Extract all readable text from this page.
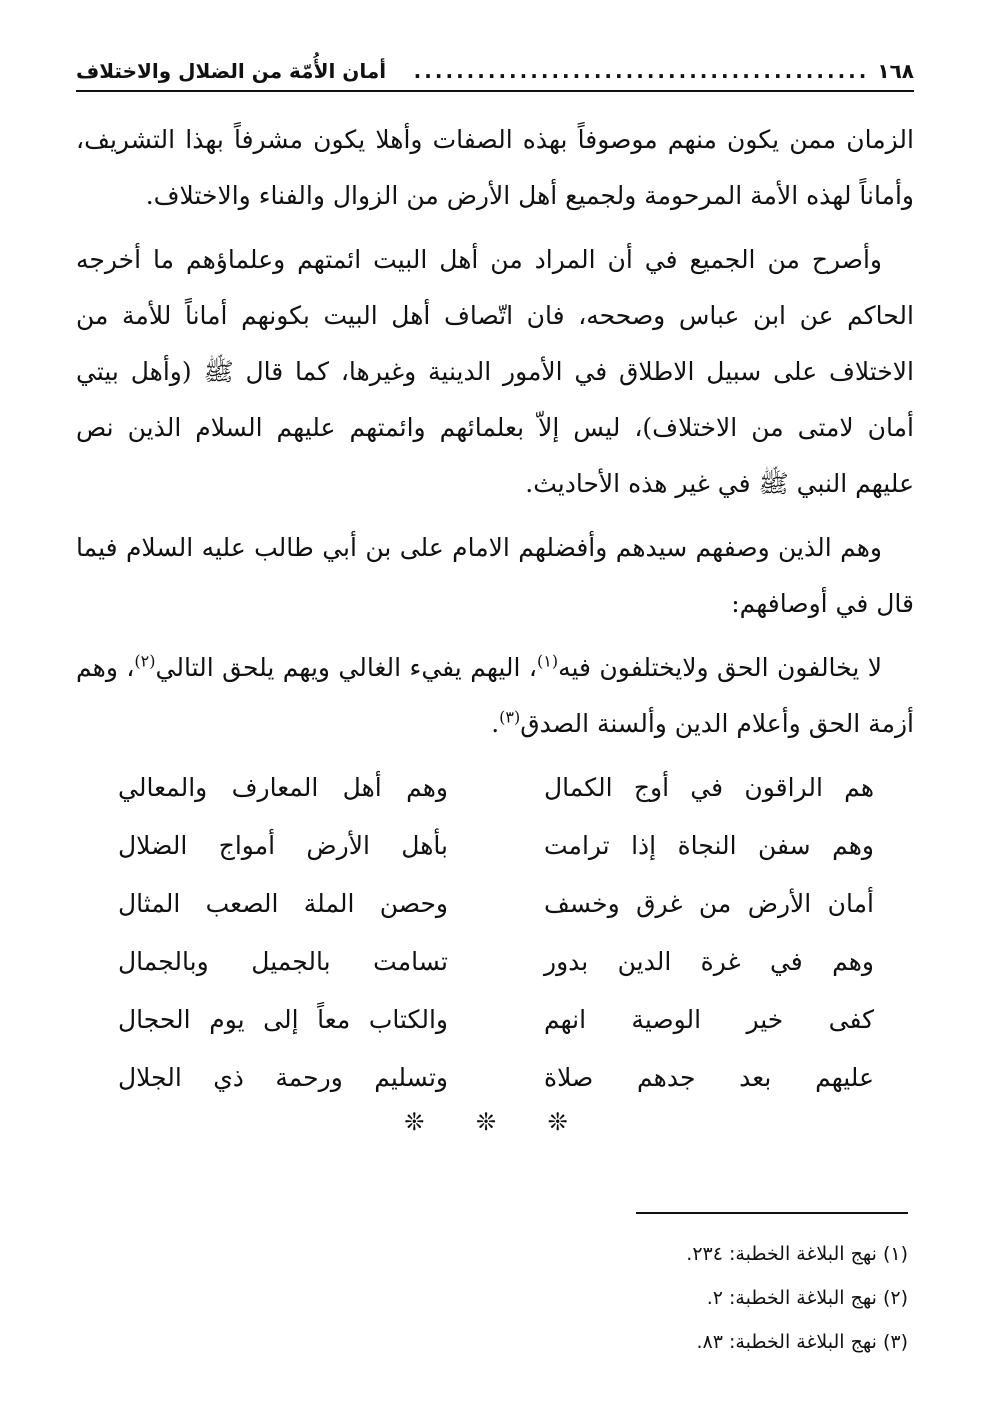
١٦٨
...........................................
أمان الأُمّة من الضلال والاختلاف

الزمان ممن يكون منهم موصوفاً بهذه الصفات وأهلا يكون مشرفاً بهذا التشريف، وأماناً لهذه الأمة المرحومة ولجميع أهل الأرض من الزوال والفناء والاختلاف.

وأصرح من الجميع في أن المراد من أهل البيت ائمتهم وعلماؤهم ما أخرجه الحاكم عن ابن عباس وصححه، فان اتّصاف أهل البيت بكونهم أماناً للأمة من الاختلاف على سبيل الاطلاق في الأمور الدينية وغيرها، كما قال ﷺ (وأهل بيتي أمان لامتى من الاختلاف)، ليس إلاّ بعلمائهم وائمتهم عليهم السلام الذين نص عليهم النبي ﷺ في غير هذه الأحاديث.

وهم الذين وصفهم سيدهم وأفضلهم الامام على بن أبي طالب عليه السلام فيما قال في أوصافهم:

لا يخالفون الحق ولايختلفون فيه$^{(١)}$، اليهم يفيء الغالي ويهم يلحق التالي$^{(٢)}$، وهم أزمة الحق وأعلام الدين وألسنة الصدق$^{(٣)}$.

هم الراقون في أوج الكمال
وهم أهل المعارف والمعالي
وهم سفن النجاة إذا ترامت
بأهل الأرض أمواج الضلال
أمان الأرض من غرق وخسف
وحصن الملة الصعب المثال
وهم في غرة الدين بدور
تسامت بالجميل وبالجمال
كفى خير الوصية انهم
والكتاب معاً إلى يوم الحجال
عليهم بعد جدهم صلاة
وتسليم ورحمة ذي الجلال
❊ ❊ ❊
(١) نهج البلاغة الخطبة: ٢٣٤.
(٢) نهج البلاغة الخطبة: ٢.
(٣) نهج البلاغة الخطبة: ٨٣.
